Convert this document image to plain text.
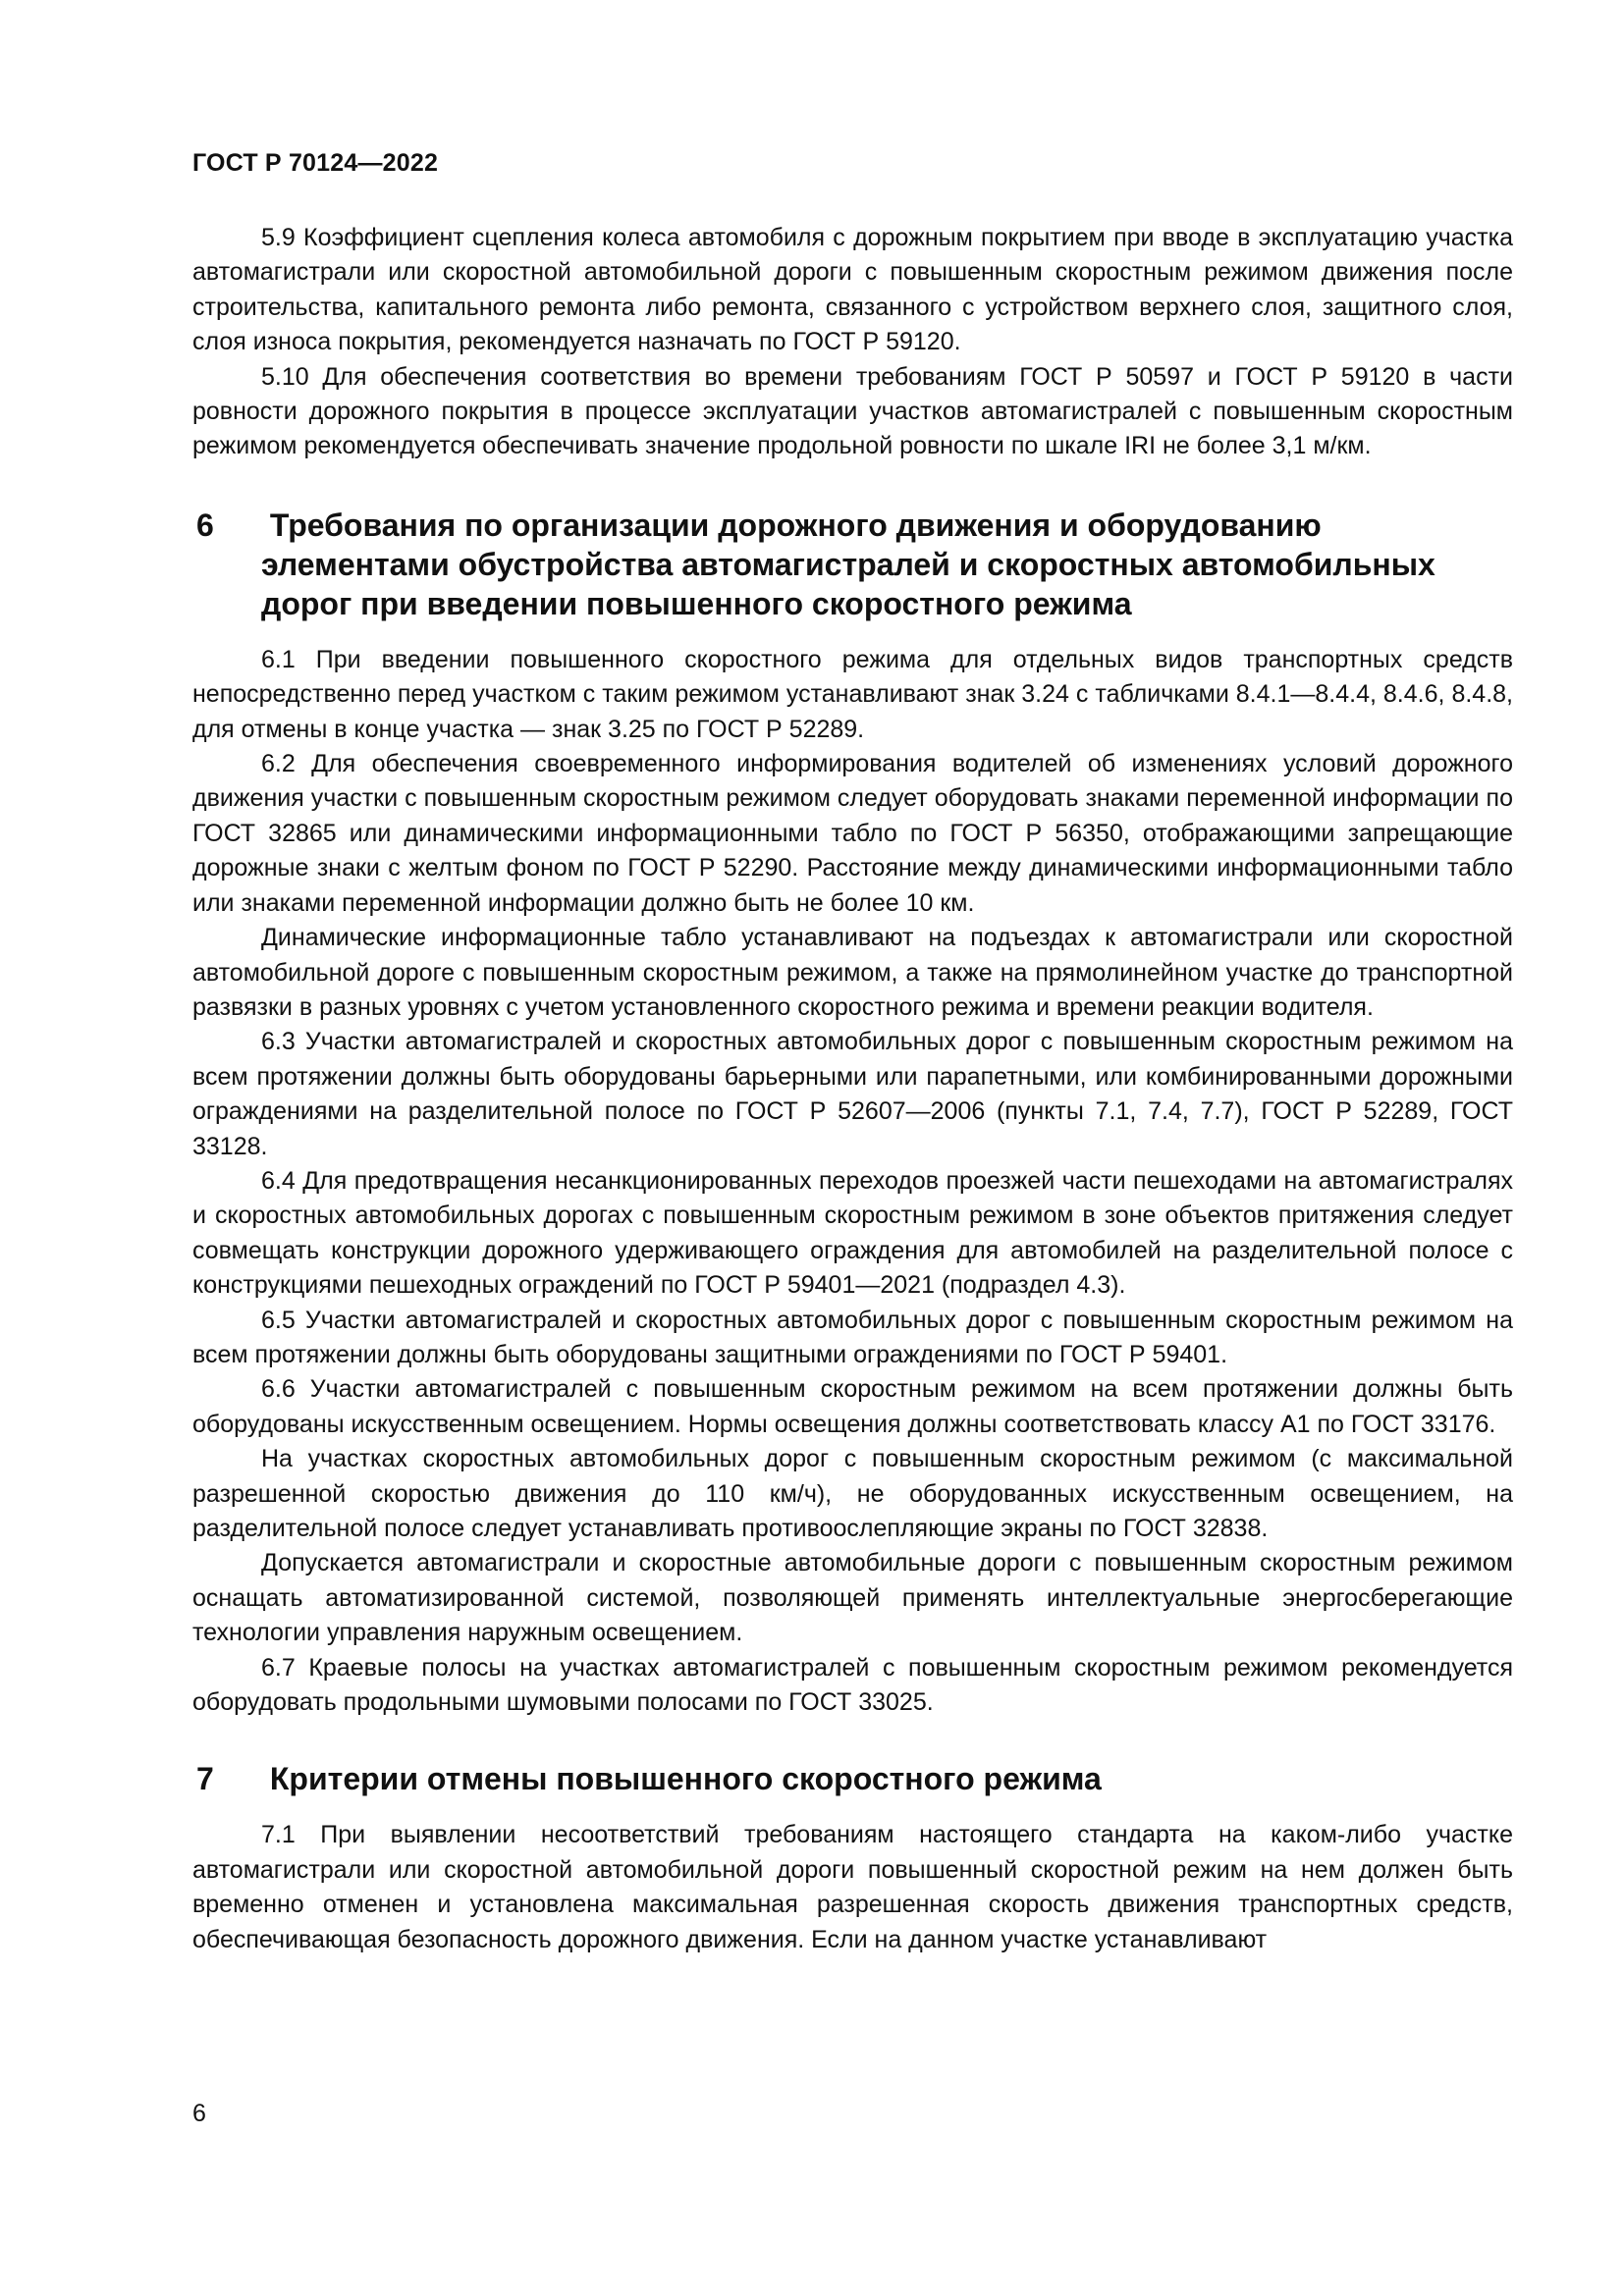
ГОСТ Р 70124—2022

5.9 Коэффициент сцепления колеса автомобиля с дорожным покрытием при вводе в эксплуатацию участка автомагистрали или скоростной автомобильной дороги с повышенным скоростным режимом движения после строительства, капитального ремонта либо ремонта, связанного с устройством верхнего слоя, защитного слоя, слоя износа покрытия, рекомендуется назначать по ГОСТ Р 59120.

5.10 Для обеспечения соответствия во времени требованиям ГОСТ Р 50597 и ГОСТ Р 59120 в части ровности дорожного покрытия в процессе эксплуатации участков автомагистралей с повышенным скоростным режимом рекомендуется обеспечивать значение продольной ровности по шкале IRI не более 3,1 м/км.

6 Требования по организации дорожного движения и оборудованию элементами обустройства автомагистралей и скоростных автомобильных дорог при введении повышенного скоростного режима

6.1 При введении повышенного скоростного режима для отдельных видов транспортных средств непосредственно перед участком с таким режимом устанавливают знак 3.24 с табличками 8.4.1—8.4.4, 8.4.6, 8.4.8, для отмены в конце участка — знак 3.25 по ГОСТ Р 52289.

6.2 Для обеспечения своевременного информирования водителей об изменениях условий дорожного движения участки с повышенным скоростным режимом следует оборудовать знаками переменной информации по ГОСТ 32865 или динамическими информационными табло по ГОСТ Р 56350, отображающими запрещающие дорожные знаки с желтым фоном по ГОСТ Р 52290. Расстояние между динамическими информационными табло или знаками переменной информации должно быть не более 10 км.

Динамические информационные табло устанавливают на подъездах к автомагистрали или скоростной автомобильной дороге с повышенным скоростным режимом, а также на прямолинейном участке до транспортной развязки в разных уровнях с учетом установленного скоростного режима и времени реакции водителя.

6.3 Участки автомагистралей и скоростных автомобильных дорог с повышенным скоростным режимом на всем протяжении должны быть оборудованы барьерными или парапетными, или комбинированными дорожными ограждениями на разделительной полосе по ГОСТ Р 52607—2006 (пункты 7.1, 7.4, 7.7), ГОСТ Р 52289, ГОСТ 33128.

6.4 Для предотвращения несанкционированных переходов проезжей части пешеходами на автомагистралях и скоростных автомобильных дорогах с повышенным скоростным режимом в зоне объектов притяжения следует совмещать конструкции дорожного удерживающего ограждения для автомобилей на разделительной полосе с конструкциями пешеходных ограждений по ГОСТ Р 59401—2021 (подраздел 4.3).

6.5 Участки автомагистралей и скоростных автомобильных дорог с повышенным скоростным режимом на всем протяжении должны быть оборудованы защитными ограждениями по ГОСТ Р 59401.

6.6 Участки автомагистралей с повышенным скоростным режимом на всем протяжении должны быть оборудованы искусственным освещением. Нормы освещения должны соответствовать классу А1 по ГОСТ 33176.

На участках скоростных автомобильных дорог с повышенным скоростным режимом (с максимальной разрешенной скоростью движения до 110 км/ч), не оборудованных искусственным освещением, на разделительной полосе следует устанавливать противоослепляющие экраны по ГОСТ 32838.

Допускается автомагистрали и скоростные автомобильные дороги с повышенным скоростным режимом оснащать автоматизированной системой, позволяющей применять интеллектуальные энергосберегающие технологии управления наружным освещением.

6.7 Краевые полосы на участках автомагистралей с повышенным скоростным режимом рекомендуется оборудовать продольными шумовыми полосами по ГОСТ 33025.

7 Критерии отмены повышенного скоростного режима

7.1 При выявлении несоответствий требованиям настоящего стандарта на каком-либо участке автомагистрали или скоростной автомобильной дороги повышенный скоростной режим на нем должен быть временно отменен и установлена максимальная разрешенная скорость движения транспортных средств, обеспечивающая безопасность дорожного движения. Если на данном участке устанавливают

6
